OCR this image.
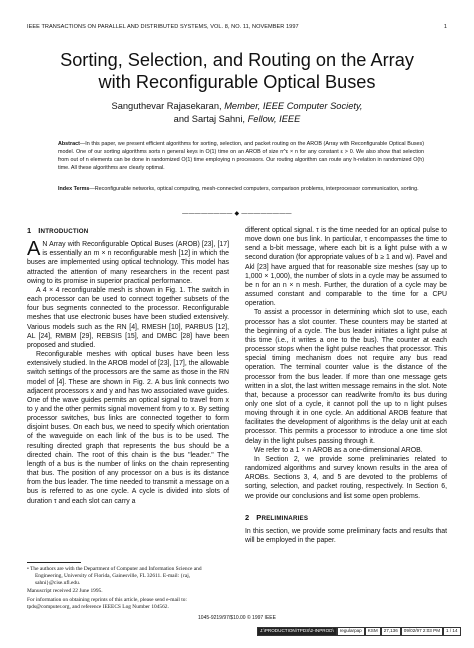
IEEE TRANSACTIONS ON PARALLEL AND DISTRIBUTED SYSTEMS, VOL. 8, NO. 11, NOVEMBER 1997	1
Sorting, Selection, and Routing on the Array
with Reconfigurable Optical Buses
Sanguthevar Rajasekaran, Member, IEEE Computer Society,
and Sartaj Sahni, Fellow, IEEE
Abstract—In this paper, we present efficient algorithms for sorting, selection, and packet routing on the AROB (Array with Reconfigurable Optical Buses) model. One of our sorting algorithms sorts n general keys in O(1) time on an AROB of size n^ε × n for any constant ε > 0. We also show that selection from out of n elements can be done in randomized O(1) time employing n processors. Our routing algorithm can route any h-relation in randomized O(h) time. All these algorithms are clearly optimal.
Index Terms—Reconfigurable networks, optical computing, mesh-connected computers, comparison problems, interprocessor communication, sorting.
———————— ◆ ————————
1 INTRODUCTION

A N Array with Reconfigurable Optical Buses (AROB) [23], [17] is essentially an m × n reconfigurable mesh [12] in which the buses are implemented using optical technology. This model has attracted the attention of many researchers in the recent past owing to its promise in superior practical performance.

A 4 × 4 reconfigurable mesh is shown in Fig. 1. The switch in each processor can be used to connect together subsets of the four bus segments connected to the processor. Reconfigurable meshes that use electronic buses have been studied extensively. Various models such as the RN [4], RMESH [10], PARBUS [12], AL [24], RMBM [29], REBSIS [15], and DMBC [28] have been proposed and studied.

Reconfigurable meshes with optical buses have been less extensively studied. In the AROB model of [23], [17], the allowable switch settings of the processors are the same as those in the RN model of [4]. These are shown in Fig. 2. A bus link connects two adjacent processors x and y and has two associated wave guides. One of the wave guides permits an optical signal to travel from x to y and the other permits signal movement from y to x. By setting processor switches, bus links are connected together to form disjoint buses. On each bus, we need to specify which orientation of the waveguide on each link of the bus is to be used. The resulting directed graph that represents the bus should be a directed chain. The root of this chain is the bus "leader." The length of a bus is the number of links on the chain representing that bus. The position of any processor on a bus is its distance from the bus leader. The time needed to transmit a message on a bus is referred to as one cycle. A cycle is divided into slots of duration τ and each slot can carry a

• The authors are with the Department of Computer and Information Science and Engineering, University of Florida, Gainesville, FL 32611. E-mail: {raj, sahni}@cise.ufl.edu.

Manuscript received 22 June 1995.

For information on obtaining reprints of this article, please send e-mail to: tpds@computer.org, and reference IEEECS Log Number 104562.

different optical signal. τ is the time needed for an optical pulse to move down one bus link. In particular, τ encompasses the time to send a b-bit message, where each bit is a light pulse with a w second duration (for appropriate values of b ≥ 1 and w). Pavel and Akl [23] have argued that for reasonable size meshes (say up to 1,000 × 1,000), the number of slots in a cycle may be assumed to be n for an n × n mesh. Further, the duration of a cycle may be assumed constant and comparable to the time for a CPU operation.

To assist a processor in determining which slot to use, each processor has a slot counter. These counters may be started at the beginning of a cycle. The bus leader initiates a light pulse at this time (i.e., it writes a one to the bus). The counter at each processor stops when the light pulse reaches that processor. This special timing mechanism does not require any bus read operation. The terminal counter value is the distance of the processor from the bus leader. If more than one message gets written in a slot, the last written message remains in the slot. Note that, because a processor can read/write from/to its bus during only one slot of a cycle, it cannot poll the up to n light pulses moving through it in one cycle. An additional AROB feature that facilitates the development of algorithms is the delay unit at each processor. This permits a processor to introduce a one time slot delay in the light pulses passing through it.

We refer to a 1 × n AROB as a one-dimensional AROB.

In Section 2, we provide some preliminaries related to randomized algorithms and survey known results in the area of AROBs. Sections 3, 4, and 5 are devoted to the problems of sorting, selection, and packet routing, respectively. In Section 6, we provide our conclusions and list some open problems.

2 PRELIMINARIES

In this section, we provide some preliminary facts and results that will be employed in the paper.

1045-9219/97/$10.00 © 1997 IEEE
J:\PRODUCTION\TPDS\2-INPROD\	regularpap	KSM	27,136	09/02/97 2:03 PM	1 / 14
